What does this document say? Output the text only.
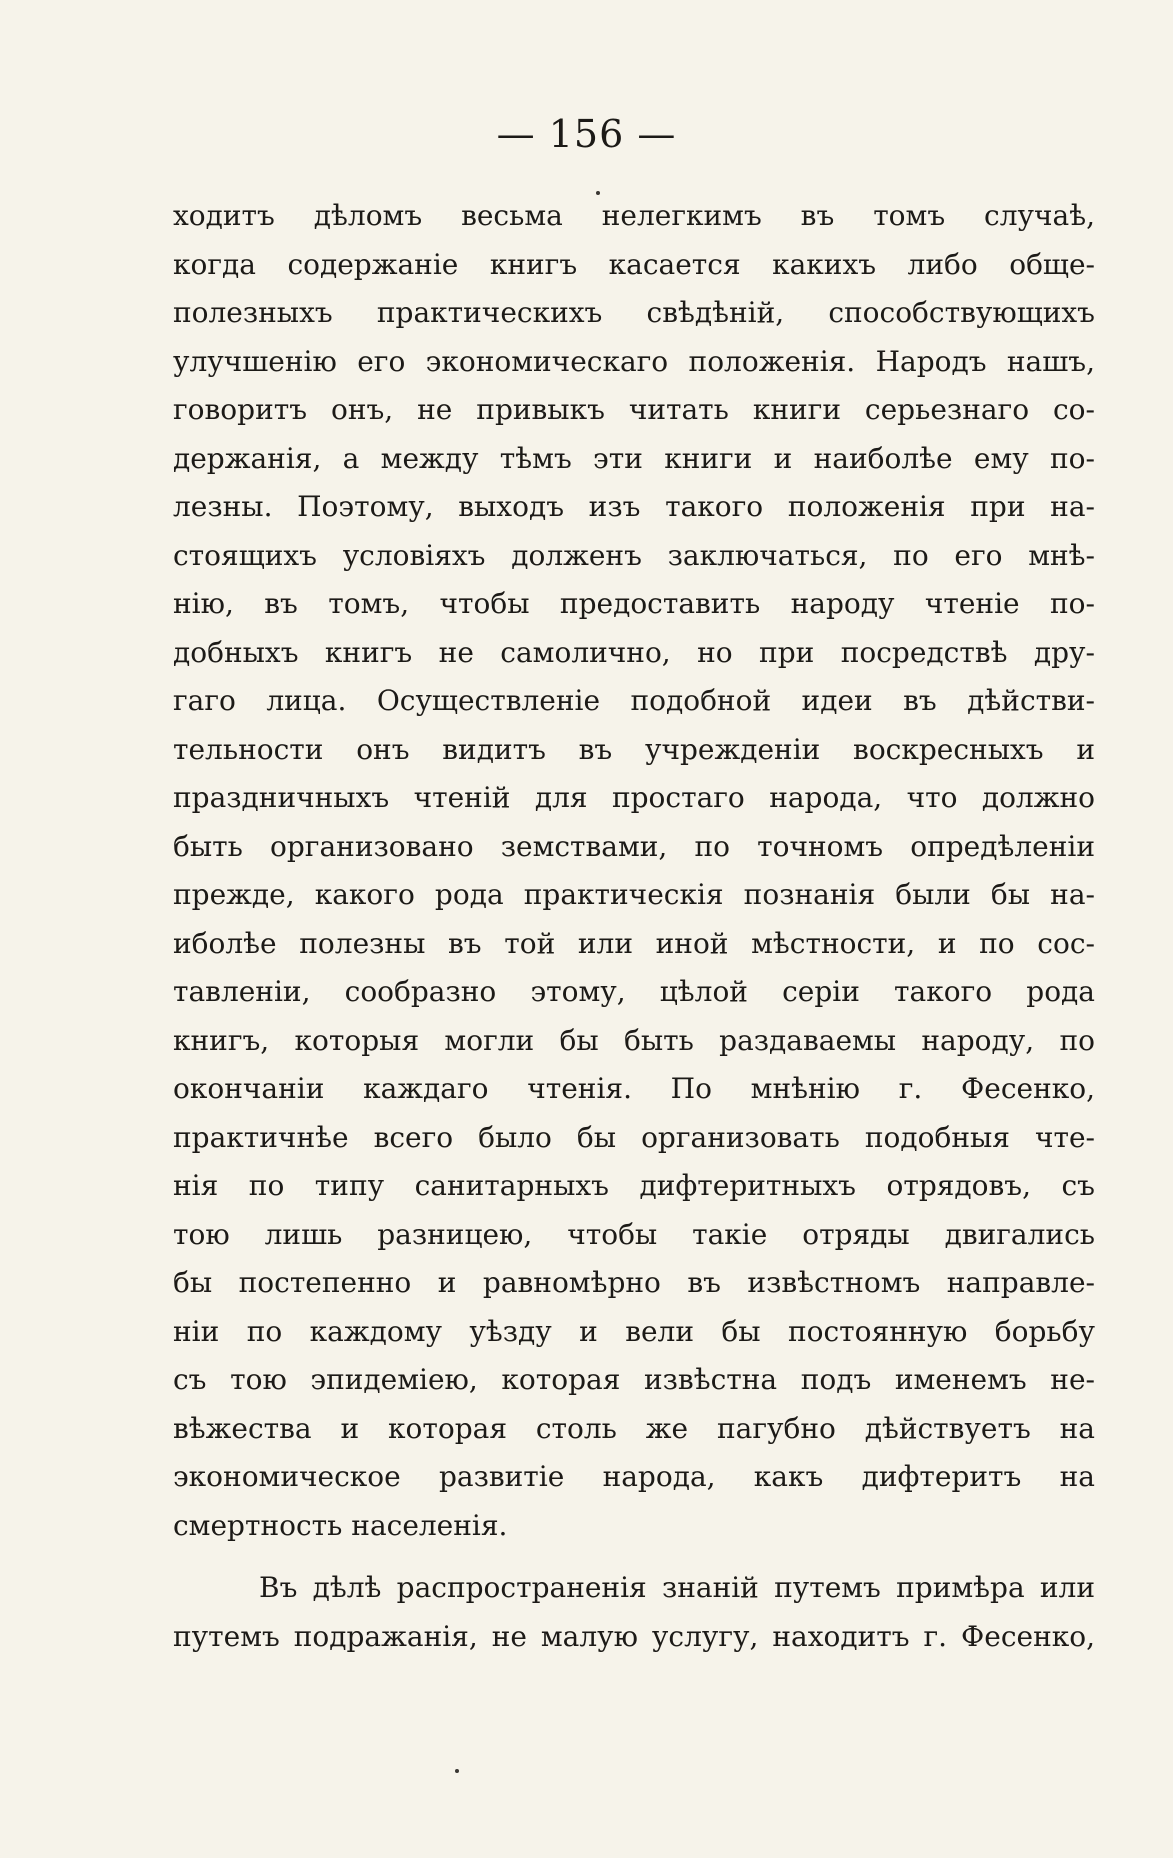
— 156 —
ходитъ дѣломъ весьма нелегкимъ въ томъ случаѣ,
когда содержаніе книгъ касается какихъ либо обще-
полезныхъ практическихъ свѣдѣній, способствующихъ
улучшенію его экономическаго положенія. Народъ нашъ,
говоритъ онъ, не привыкъ читать книги серьезнаго со-
держанія, а между тѣмъ эти книги и наиболѣе ему по-
лезны. Поэтому, выходъ изъ такого положенія при на-
стоящихъ условіяхъ долженъ заключаться, по его мнѣ-
нію, въ томъ, чтобы предоставить народу чтеніе по-
добныхъ книгъ не самолично, но при посредствѣ дру-
гаго лица. Осуществленіе подобной идеи въ дѣйстви-
тельности онъ видитъ въ учрежденіи воскресныхъ и
праздничныхъ чтеній для простаго народа, что должно
быть организовано земствами, по точномъ опредѣленіи
прежде, какого рода практическія познанія были бы на-
иболѣе полезны въ той или иной мѣстности, и по сос-
тавленіи, сообразно этому, цѣлой серіи такого рода
книгъ, которыя могли бы быть раздаваемы народу, по
окончаніи каждаго чтенія. По мнѣнію г. Фесенко,
практичнѣе всего было бы организовать подобныя чте-
нія по типу санитарныхъ дифтеритныхъ отрядовъ, съ
тою лишь разницею, чтобы такіе отряды двигались
бы постепенно и равномѣрно въ извѣстномъ направле-
ніи по каждому уѣзду и вели бы постоянную борьбу
съ тою эпидеміею, которая извѣстна подъ именемъ не-
вѣжества и которая столь же пагубно дѣйствуетъ на
экономическое развитіе народа, какъ дифтеритъ на
смертность населенія.
Въ дѣлѣ распространенія знаній путемъ примѣра или
путемъ подражанія, не малую услугу, находитъ г. Фесенко,
